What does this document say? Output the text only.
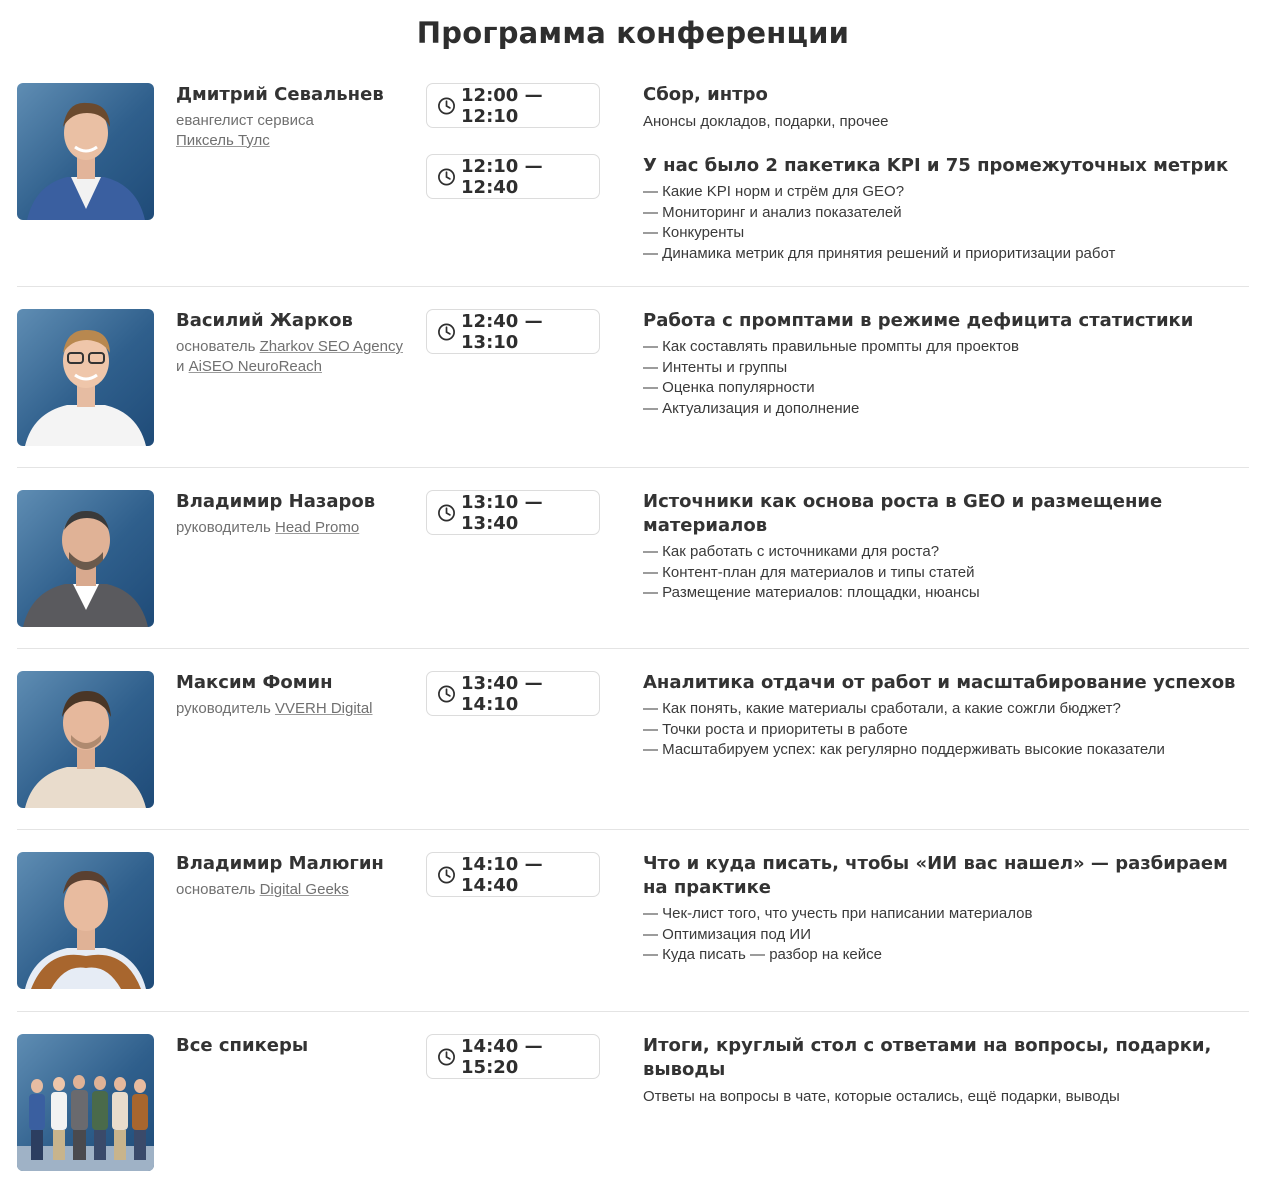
Программа конференции
Дмитрий Севальнев
евангелист сервиса
Пиксель Тулс
12:00 — 12:10
Сбор, интро
Анонсы докладов, подарки, прочее
12:10 — 12:40
У нас было 2 пакетика KPI и 75 промежуточных метрик
— Какие KPI норм и стрём для GEO?
— Мониторинг и анализ показателей
— Конкуренты
— Динамика метрик для принятия решений и приоритизации работ
Василий Жарков
основатель Zharkov SEO Agency и AiSEO NeuroReach
12:40 — 13:10
Работа с промптами в режиме дефицита статистики
— Как составлять правильные промпты для проектов
— Интенты и группы
— Оценка популярности
— Актуализация и дополнение
Владимир Назаров
руководитель Head Promo
13:10 — 13:40
Источники как основа роста в GEO и размещение материалов
— Как работать с источниками для роста?
— Контент-план для материалов и типы статей
— Размещение материалов: площадки, нюансы
Максим Фомин
руководитель VVERH Digital
13:40 — 14:10
Аналитика отдачи от работ и масштабирование успехов
— Как понять, какие материалы сработали, а какие сожгли бюджет?
— Точки роста и приоритеты в работе
— Масштабируем успех: как регулярно поддерживать высокие показатели
Владимир Малюгин
основатель Digital Geeks
14:10 — 14:40
Что и куда писать, чтобы «ИИ вас нашел» — разбираем на практике
— Чек-лист того, что учесть при написании материалов
— Оптимизация под ИИ
— Куда писать — разбор на кейсе
Все спикеры	14:40 — 15:20
Итоги, круглый стол с ответами на вопросы, подарки, выводы
Ответы на вопросы в чате, которые остались, ещё подарки, выводы
